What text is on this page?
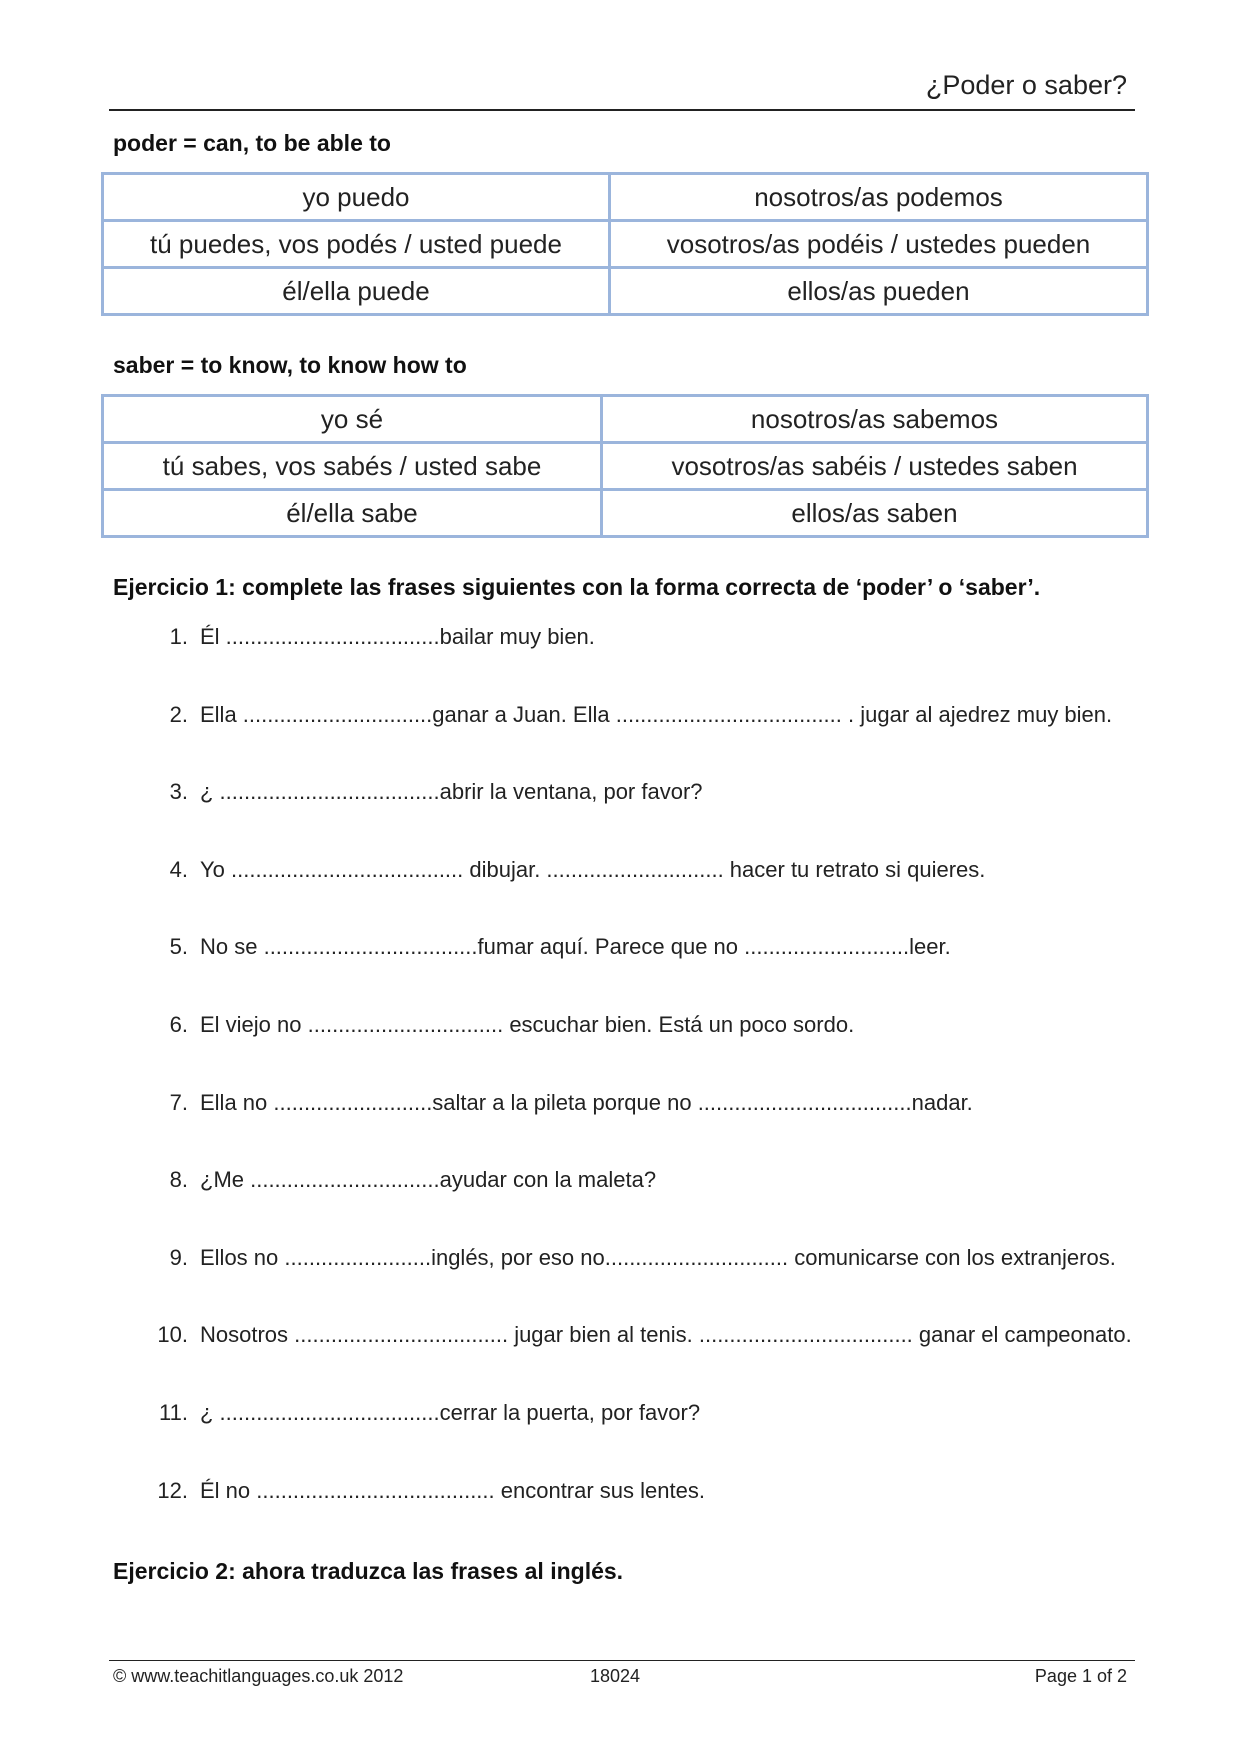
¿Poder o saber?
poder = can, to be able to
yo puedo	nosotros/as podemos
tú puedes, vos podés / usted puede	vosotros/as podéis / ustedes pueden
él/ella puede	ellos/as pueden
saber = to know, to know how to
yo sé	nosotros/as sabemos
tú sabes, vos sabés / usted sabe	vosotros/as sabéis / ustedes saben
él/ella sabe	ellos/as saben
Ejercicio 1: complete las frases siguientes con la forma correcta de ‘poder’ o ‘saber’.
1. Él ...................................bailar muy bien.
2. Ella ...............................ganar a Juan. Ella ..................................... . jugar al ajedrez muy bien.
3. ¿ ....................................abrir la ventana, por favor?
4. Yo ...................................... dibujar. ............................. hacer tu retrato si quieres.
5. No se ...................................fumar aquí. Parece que no ...........................leer.
6. El viejo no ................................ escuchar bien. Está un poco sordo.
7. Ella no ..........................saltar a la pileta porque no ...................................nadar.
8. ¿Me ...............................ayudar con la maleta?
9. Ellos no ........................inglés, por eso no.............................. comunicarse con los extranjeros.
10. Nosotros ................................... jugar bien al tenis. ................................... ganar el campeonato.
11. ¿ ....................................cerrar la puerta, por favor?
12. Él no ....................................... encontrar sus lentes.
Ejercicio 2: ahora traduzca las frases al inglés.
© www.teachitlanguages.co.uk 2012	18024	Page 1 of 2
